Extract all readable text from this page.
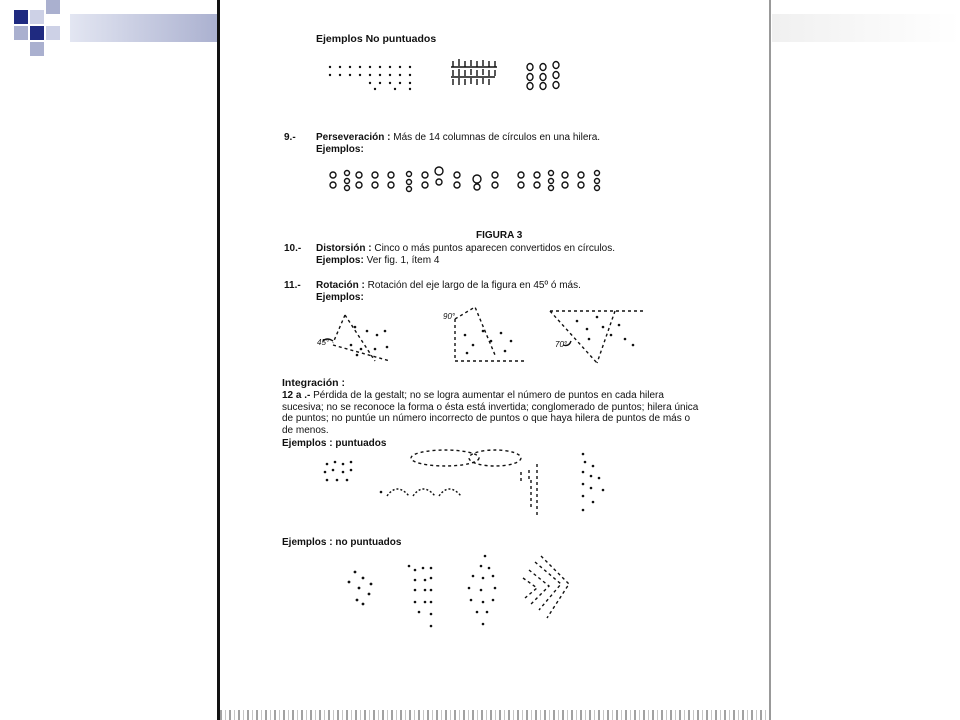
Ejemplos No puntuados
9.- Perseveración : Más de 14 columnas de círculos en una hilera.
Ejemplos:
FIGURA 3
10.- Distorsión : Cinco o más puntos aparecen convertidos en círculos.
Ejemplos: Ver fig. 1, ítem 4
11.- Rotación : Rotación del eje largo de la figura en 45º ó más.
Ejemplos:
45°
90°
70°
Integración :
12 a .- Pérdida de la gestalt; no se logra aumentar el número de puntos en cada hilera sucesiva; no se reconoce la forma o ésta está invertida; conglomerado de puntos; hilera única de puntos; no puntúe un número incorrecto de puntos o que haya hilera de puntos de más o de menos.
Ejemplos : puntuados
Ejemplos : no puntuados
